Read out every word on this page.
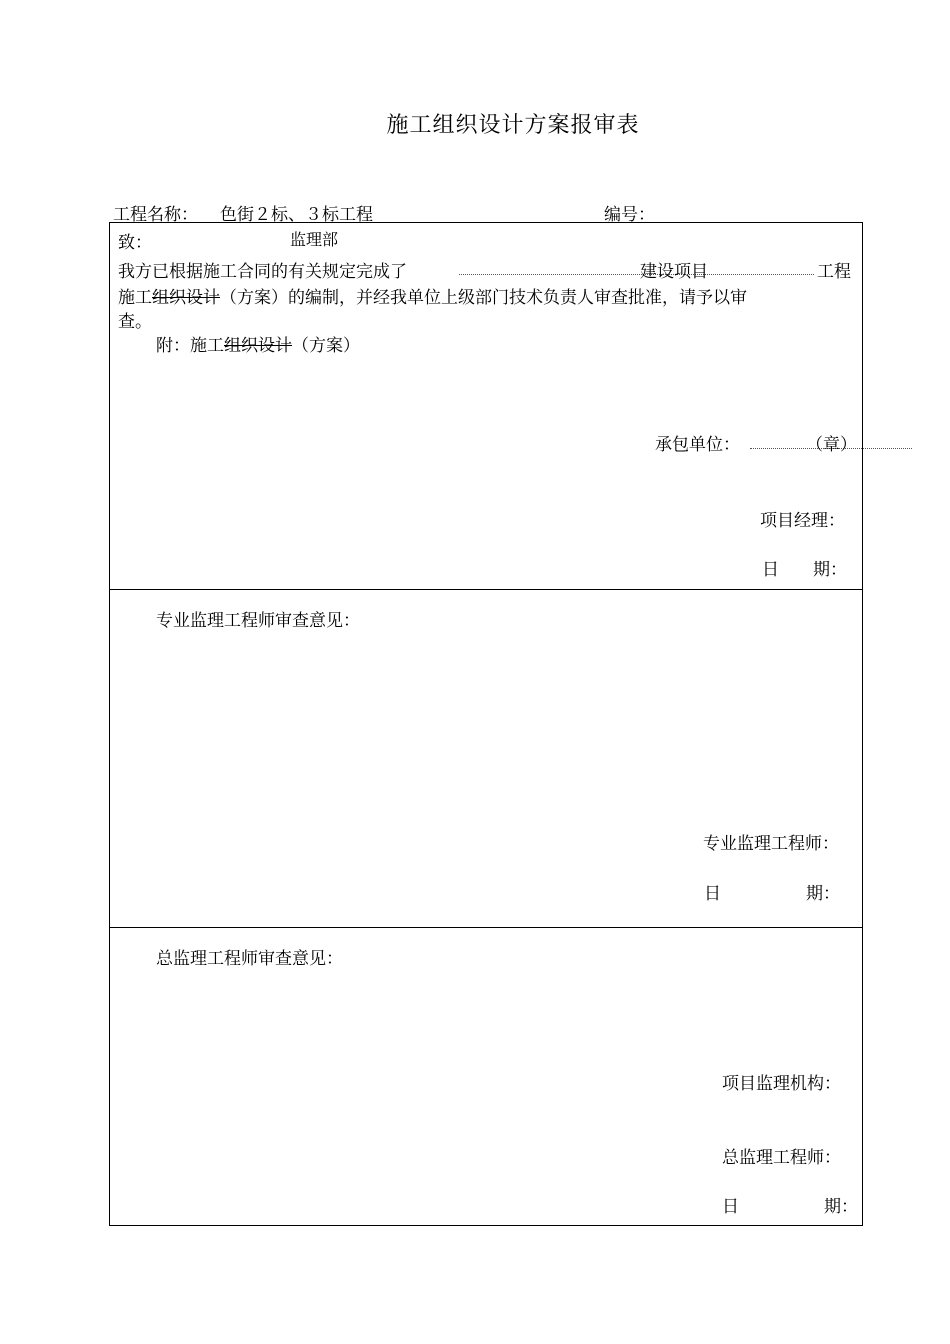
施工组织设计方案报审表
工程名称： 色街２标、３标工程	编号：
致：	监理部
我方已根据施工合同的有关规定完成了	建设项目	工程
施工组织设计（方案）的编制，并经我单位上级部门技术负责人审查批准，请予以审
查。
附：施工组织设计（方案）
承包单位：	（章）
项目经理：
日　　期：
专业监理工程师审查意见：
专业监理工程师：
日　　　　　期：
总监理工程师审查意见：
项目监理机构：
总监理工程师：
日　　　　　期：
